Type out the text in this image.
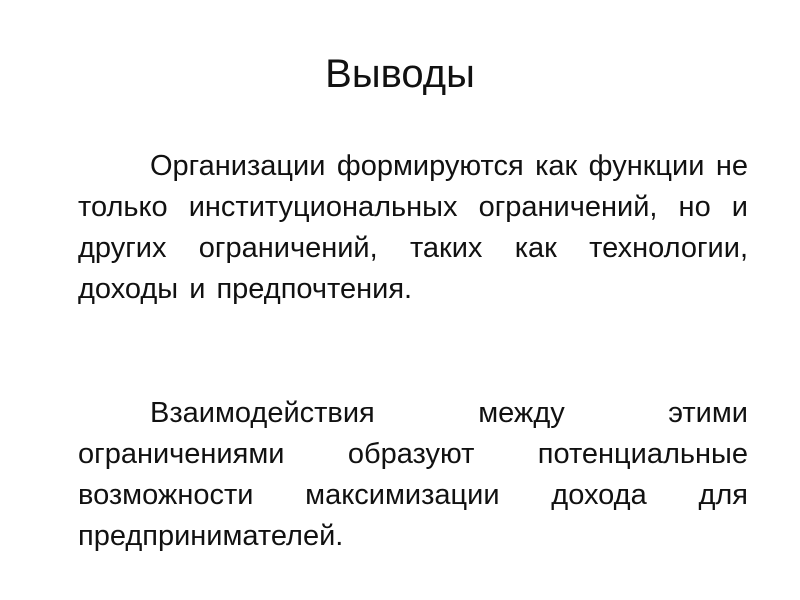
Выводы

Организации формируются как функции не только институциональных ограничений, но и других ограничений, таких как технологии, доходы и предпочтения.

Взаимодействия между этими ограничениями образуют потенциальные возможности максимизации дохода для предпринимателей.
